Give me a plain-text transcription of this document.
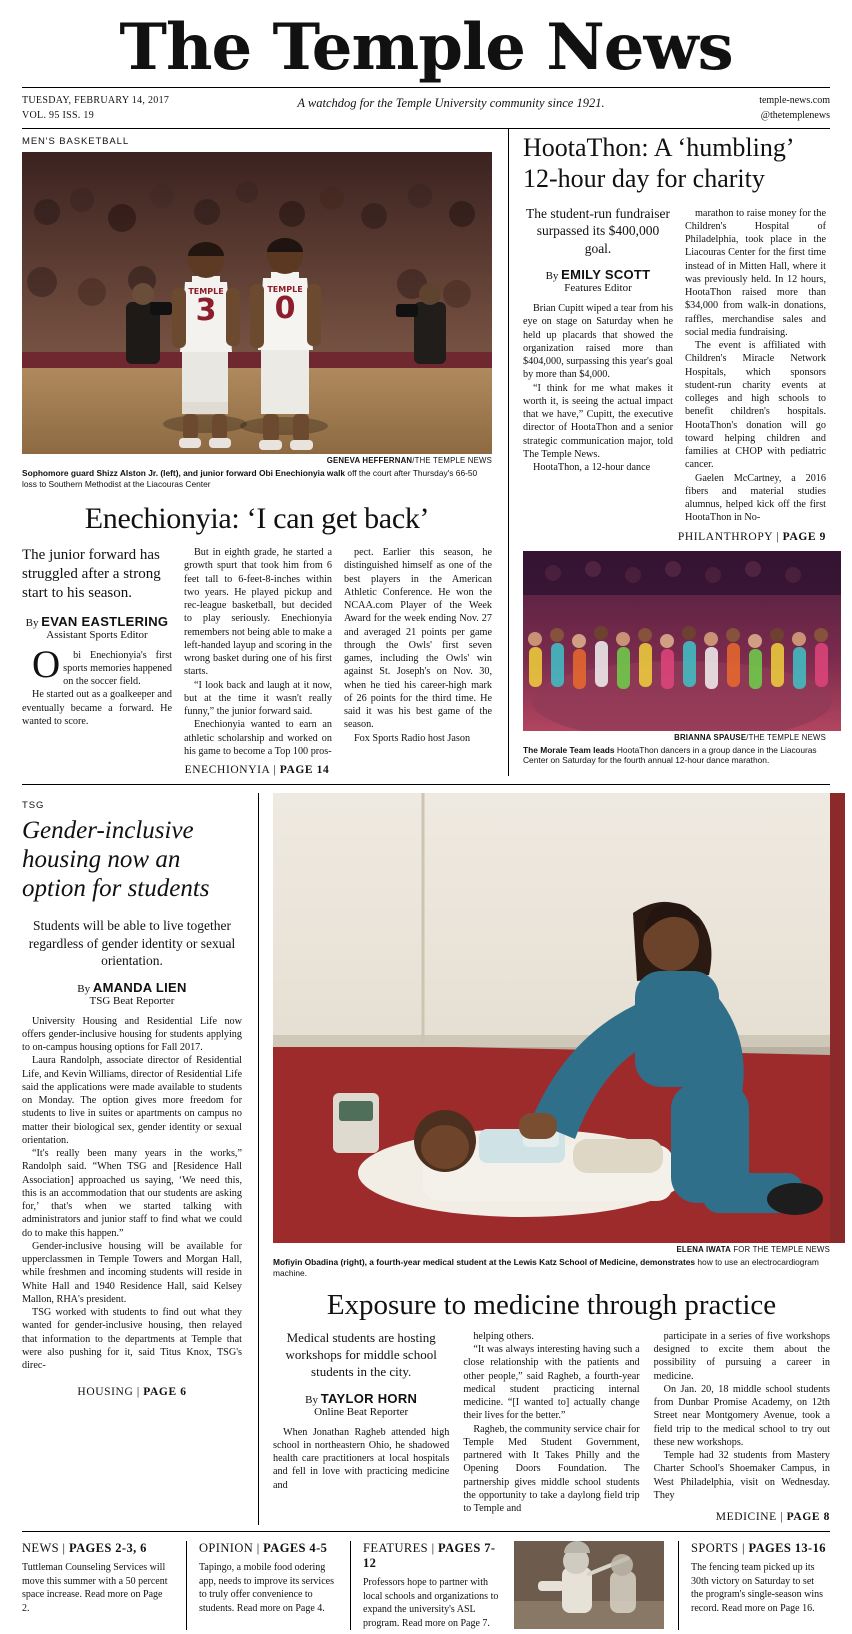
The Temple News
TUESDAY, FEBRUARY 14, 2017
VOL. 95 ISS. 19
A watchdog for the Temple University community since 1921.	temple-news.com
@thetemplenews
MEN'S BASKETBALL
3
TEMPLE 0
TEMPLE
GENEVA HEFFERNAN/THE TEMPLE NEWS
Sophomore guard Shizz Alston Jr. (left), and junior forward Obi Enechionyia walk off the court after Thursday's 66-50 loss to Southern Methodist at the Liacouras Center
Enechionyia: ‘I can get back’
The junior forward has struggled after a strong start to his season.
By EVAN EASTLERING
Assistant Sports Editor

Obi Enechionyia's first sports memories happened on the soccer field.

He started out as a goalkeeper and eventually became a forward. He wanted to score.

But in eighth grade, he started a growth spurt that took him from 6 feet tall to 6-feet-8-inches within two years. He played pickup and rec-league basketball, but decided to play seriously. Enechionyia remembers not being able to make a left-handed layup and scoring in the wrong basket during one of his first starts.

“I look back and laugh at it now, but at the time it wasn't really funny,” the junior forward said.

Enechionyia wanted to earn an athletic scholarship and worked on his game to become a Top 100 pros-

pect. Earlier this season, he distinguished himself as one of the best players in the American Athletic Conference. He won the NCAA.com Player of the Week Award for the week ending Nov. 27 and averaged 21 points per game through the Owls' first seven games, including the Owls' win against St. Joseph's on Nov. 30, when he tied his career-high mark of 26 points for the third time. He said it was his best game of the season.

Fox Sports Radio host Jason

ENECHIONYIA | PAGE 14
HootaThon: A ‘humbling’ 12-hour day for charity
The student-run fundraiser surpassed its $400,000 goal.
By EMILY SCOTT
Features Editor

Brian Cupitt wiped a tear from his eye on stage on Saturday when he held up placards that showed the organization raised more than $404,000, surpassing this year's goal by more than $4,000.

“I think for me what makes it worth it, is seeing the actual impact that we have,” Cupitt, the executive director of HootaThon and a senior strategic communication major, told The Temple News.

HootaThon, a 12-hour dance

marathon to raise money for the Children's Hospital of Philadelphia, took place in the Liacouras Center for the first time instead of in Mitten Hall, where it was previously held. In 12 hours, HootaThon raised more than $34,000 from walk-in donations, raffles, merchandise sales and social media fundraising.

The event is affiliated with Children's Miracle Network Hospitals, which sponsors student-run charity events at colleges and high schools to benefit children's hospitals. HootaThon's donation will go toward helping children and families at CHOP with pediatric cancer.

Gaelen McCartney, a 2016 fibers and material studies alumnus, helped kick off the first HootaThon in No-

PHILANTHROPY | PAGE 9
BRIANNA SPAUSE/THE TEMPLE NEWS
The Morale Team leads HootaThon dancers in a group dance in the Liacouras Center on Saturday for the fourth annual 12-hour dance marathon.
TSG
Gender-inclusive housing now an option for students
Students will be able to live together regardless of gender identity or sexual orientation.
By AMANDA LIEN
TSG Beat Reporter

University Housing and Residential Life now offers gender-inclusive housing for students applying to on-campus housing options for Fall 2017.

Laura Randolph, associate director of Residential Life, and Kevin Williams, director of Residential Life said the applications were made available to students on Monday. The option gives more freedom for students to live in suites or apartments on campus no matter their biological sex, gender identity or sexual orientation.

“It's really been many years in the works,” Randolph said. “When TSG and [Residence Hall Association] approached us saying, ‘We need this, this is an accommodation that our students are asking for,’ that's when we started talking with administrators and junior staff to find what we could do to make this happen.”

Gender-inclusive housing will be available for upperclassmen in Temple Towers and Morgan Hall, while freshmen and incoming students will reside in White Hall and 1940 Residence Hall, said Kelsey Mallon, RHA's president.

TSG worked with students to find out what they wanted for gender-inclusive housing, then relayed that information to the departments at Temple that were also pushing for it, said Titus Knox, TSG's direc-

HOUSING | PAGE 6
ELENA IWATA FOR THE TEMPLE NEWS
Mofiyin Obadina (right), a fourth-year medical student at the Lewis Katz School of Medicine, demonstrates how to use an electrocardiogram machine.
Exposure to medicine through practice
Medical students are hosting workshops for middle school students in the city.
By TAYLOR HORN
Online Beat Reporter

When Jonathan Ragheb attended high school in northeastern Ohio, he shadowed health care practitioners at local hospitals and fell in love with practicing medicine and

helping others.

“It was always interesting having such a close relationship with the patients and other people,” said Ragheb, a fourth-year medical student practicing internal medicine. “[I wanted to] actually change their lives for the better.”

Ragheb, the community service chair for Temple Med Student Government, partnered with It Takes Philly and the Opening Doors Foundation. The partnership gives middle school students the opportunity to take a daylong field trip to Temple and

participate in a series of five workshops designed to excite them about the possibility of pursuing a career in medicine.

On Jan. 20, 18 middle school students from Dunbar Promise Academy, on 12th Street near Montgomery Avenue, took a field trip to the medical school to try out these new workshops.

Temple had 32 students from Mastery Charter School's Shoemaker Campus, in West Philadelphia, visit on Wednesday. They

MEDICINE | PAGE 8
NEWS | PAGES 2-3, 6
Tuttleman Counseling Services will move this summer with a 50 percent space increase. Read more on Page 2.
OPINION | PAGES 4-5
Tapingo, a mobile food odering app, needs to improve its services to truly offer convenience to students. Read more on Page 4.
FEATURES | PAGES 7-12
Professors hope to partner with local schools and organizations to expand the university's ASL program. Read more on Page 7.
SPORTS | PAGES 13-16
The fencing team picked up its 30th victory on Saturday to set the program's single-season wins record. Read more on Page 16.
